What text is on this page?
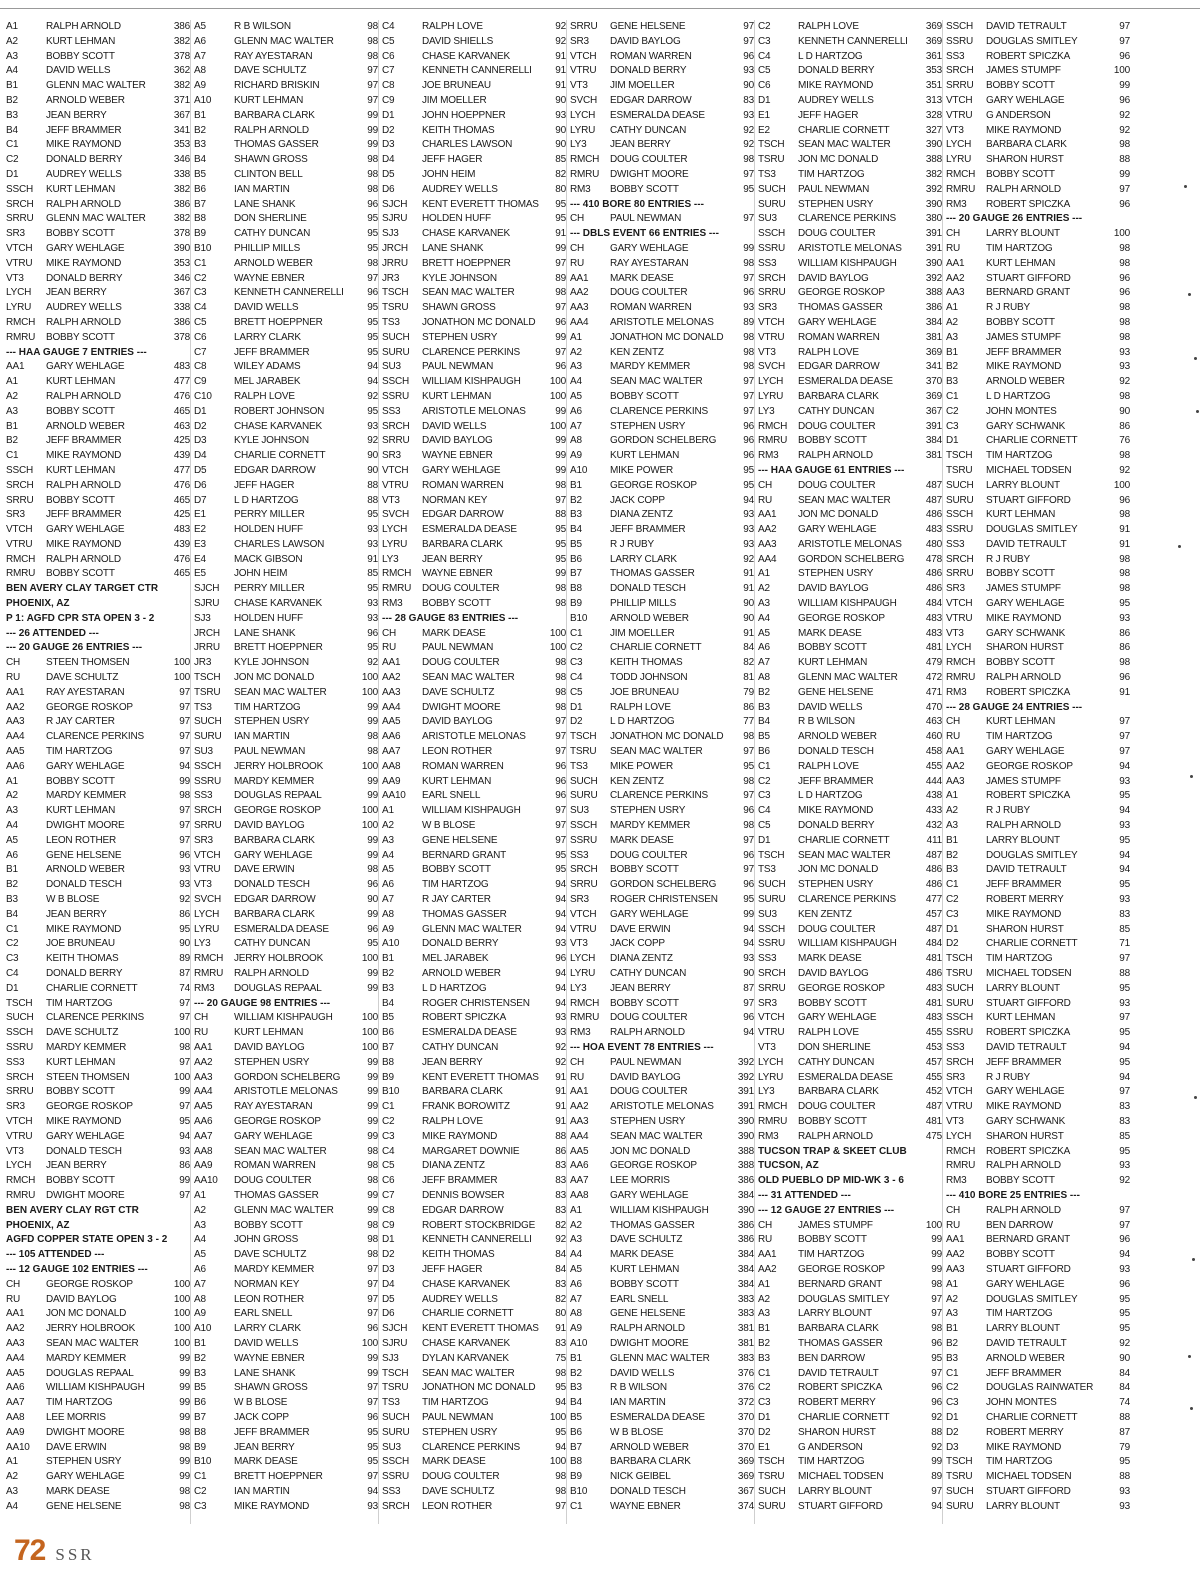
A1	RALPH ARNOLD	386
A2	KURT LEHMAN	382
A3	BOBBY SCOTT	378
A4	DAVID WELLS	362
B1	GLENN MAC WALTER	382
B2	ARNOLD WEBER	371
B3	JEAN BERRY	367
B4	JEFF BRAMMER	341
C1	MIKE RAYMOND	353
C2	DONALD BERRY	346
D1	AUDREY WELLS	338
SSCH	KURT LEHMAN	382
SRCH	RALPH ARNOLD	386
SRRU	GLENN MAC WALTER	382
SR3	BOBBY SCOTT	378
VTCH	GARY WEHLAGE	390
VTRU	MIKE RAYMOND	353
VT3	DONALD BERRY	346
LYCH	JEAN BERRY	367
LYRU	AUDREY WELLS	338
RMCH	RALPH ARNOLD	386
RMRU	BOBBY SCOTT	378
--- HAA GAUGE 7 ENTRIES ---
AA1	GARY WEHLAGE	483
A1	KURT LEHMAN	477
A2	RALPH ARNOLD	476
A3	BOBBY SCOTT	465
B1	ARNOLD WEBER	463
B2	JEFF BRAMMER	425
C1	MIKE RAYMOND	439
SSCH	KURT LEHMAN	477
SRCH	RALPH ARNOLD	476
SRRU	BOBBY SCOTT	465
SR3	JEFF BRAMMER	425
VTCH	GARY WEHLAGE	483
VTRU	MIKE RAYMOND	439
RMCH	RALPH ARNOLD	476
RMRU	BOBBY SCOTT	465
BEN AVERY CLAY TARGET CTR
PHOENIX, AZ
P 1: AGFD CPR STA OPEN 3 - 2
--- 26 ATTENDED ---
--- 20 GAUGE 26 ENTRIES ---
CH	STEEN THOMSEN	100
RU	DAVE SCHULTZ	100
AA1	RAY AYESTARAN	97
AA2	GEORGE ROSKOP	97
AA3	R JAY CARTER	97
AA4	CLARENCE PERKINS	97
AA5	TIM HARTZOG	97
AA6	GARY WEHLAGE	94
A1	BOBBY SCOTT	99
A2	MARDY KEMMER	98
A3	KURT LEHMAN	97
A4	DWIGHT MOORE	97
A5	LEON ROTHER	97
A6	GENE HELSENE	96
B1	ARNOLD WEBER	93
B2	DONALD TESCH	93
B3	W B BLOSE	92
B4	JEAN BERRY	86
C1	MIKE RAYMOND	95
C2	JOE BRUNEAU	90
C3	KEITH THOMAS	89
C4	DONALD BERRY	87
D1	CHARLIE CORNETT	74
TSCH	TIM HARTZOG	97
SUCH	CLARENCE PERKINS	97
SSCH	DAVE SCHULTZ	100
SSRU	MARDY KEMMER	98
SS3	KURT LEHMAN	97
SRCH	STEEN THOMSEN	100
SRRU	BOBBY SCOTT	99
SR3	GEORGE ROSKOP	97
VTCH	MIKE RAYMOND	95
VTRU	GARY WEHLAGE	94
VT3	DONALD TESCH	93
LYCH	JEAN BERRY	86
RMCH	BOBBY SCOTT	99
RMRU	DWIGHT MOORE	97
BEN AVERY CLAY RGT CTR
PHOENIX, AZ
AGFD COPPER STATE OPEN 3 - 2
--- 105 ATTENDED ---
--- 12 GAUGE 102 ENTRIES ---
CH	GEORGE ROSKOP	100
RU	DAVID BAYLOG	100
AA1	JON MC DONALD	100
AA2	JERRY HOLBROOK	100
AA3	SEAN MAC WALTER	100
AA4	MARDY KEMMER	99
AA5	DOUGLAS REPAAL	99
AA6	WILLIAM KISHPAUGH	99
AA7	TIM HARTZOG	99
AA8	LEE MORRIS	99
AA9	DWIGHT MOORE	98
AA10	DAVE ERWIN	98
A1	STEPHEN USRY	99
A2	GARY WEHLAGE	99
A3	MARK DEASE	98
A4	GENE HELSENE	98
A5	R B WILSON	98
A6	GLENN MAC WALTER	98
A7	RAY AYESTARAN	98
A8	DAVE SCHULTZ	97
A9	RICHARD BRISKIN	97
A10	KURT LEHMAN	97
B1	BARBARA CLARK	99
B2	RALPH ARNOLD	99
B3	THOMAS GASSER	99
B4	SHAWN GROSS	98
B5	CLINTON BELL	98
B6	IAN MARTIN	98
B7	LANE SHANK	96
B8	DON SHERLINE	95
B9	CATHY DUNCAN	95
B10	PHILLIP MILLS	95
C1	ARNOLD WEBER	98
C2	WAYNE EBNER	97
C3	KENNETH CANNERELLI	96
C4	DAVID WELLS	95
C5	BRETT HOEPPNER	95
C6	LARRY CLARK	95
C7	JEFF BRAMMER	95
C8	WILEY ADAMS	94
C9	MEL JARABEK	94
C10	RALPH LOVE	92
D1	ROBERT JOHNSON	95
D2	CHASE KARVANEK	93
D3	KYLE JOHNSON	92
D4	CHARLIE CORNETT	90
D5	EDGAR DARROW	90
D6	JEFF HAGER	88
D7	L D HARTZOG	88
E1	PERRY MILLER	95
E2	HOLDEN HUFF	93
E3	CHARLES LAWSON	93
E4	MACK GIBSON	91
E5	JOHN HEIM	85
SJCH	PERRY MILLER	95
SJRU	CHASE KARVANEK	93
SJ3	HOLDEN HUFF	93
JRCH	LANE SHANK	96
JRRU	BRETT HOEPPNER	95
JR3	KYLE JOHNSON	92
TSCH	JON MC DONALD	100
TSRU	SEAN MAC WALTER	100
TS3	TIM HARTZOG	99
SUCH	STEPHEN USRY	99
SURU	IAN MARTIN	98
SU3	PAUL NEWMAN	98
SSCH	JERRY HOLBROOK	100
SSRU	MARDY KEMMER	99
SS3	DOUGLAS REPAAL	99
SRCH	GEORGE ROSKOP	100
SRRU	DAVID BAYLOG	100
SR3	BARBARA CLARK	99
VTCH	GARY WEHLAGE	99
VTRU	DAVE ERWIN	98
VT3	DONALD TESCH	96
SVCH	EDGAR DARROW	90
LYCH	BARBARA CLARK	99
LYRU	ESMERALDA DEASE	96
LY3	CATHY DUNCAN	95
RMCH	JERRY HOLBROOK	100
RMRU	RALPH ARNOLD	99
RM3	DOUGLAS REPAAL	99
--- 20 GAUGE 98 ENTRIES ---
CH	WILLIAM KISHPAUGH	100
RU	KURT LEHMAN	100
AA1	DAVID BAYLOG	100
AA2	STEPHEN USRY	99
AA3	GORDON SCHELBERG	99
AA4	ARISTOTLE MELONAS	99
AA5	RAY AYESTARAN	99
AA6	GEORGE ROSKOP	99
AA7	GARY WEHLAGE	99
AA8	SEAN MAC WALTER	98
AA9	ROMAN WARREN	98
AA10	DOUG COULTER	98
A1	THOMAS GASSER	99
A2	GLENN MAC WALTER	99
A3	BOBBY SCOTT	98
A4	JOHN GROSS	98
A5	DAVE SCHULTZ	98
A6	MARDY KEMMER	97
A7	NORMAN KEY	97
A8	LEON ROTHER	97
A9	EARL SNELL	97
A10	LARRY CLARK	96
B1	DAVID WELLS	100
B2	WAYNE EBNER	99
B3	LANE SHANK	99
B5	SHAWN GROSS	97
B6	W B BLOSE	97
B7	JACK COPP	96
B8	JEFF BRAMMER	95
B9	JEAN BERRY	95
B10	MARK DEASE	95
C1	BRETT HOEPPNER	97
C2	IAN MARTIN	94
C3	MIKE RAYMOND	93
C4	RALPH LOVE	92
C5	DAVID SHIELLS	92
C6	CHASE KARVANEK	91
C7	KENNETH CANNERELLI	91
C8	JOE BRUNEAU	91
C9	JIM MOELLER	90
D1	JOHN HOEPPNER	93
D2	KEITH THOMAS	90
D3	CHARLES LAWSON	90
D4	JEFF HAGER	85
D5	JOHN HEIM	82
D6	AUDREY WELLS	80
SJCH	KENT EVERETT THOMAS	95
SJRU	HOLDEN HUFF	95
SJ3	CHASE KARVANEK	91
JRCH	LANE SHANK	99
JRRU	BRETT HOEPPNER	97
JR3	KYLE JOHNSON	89
TSCH	SEAN MAC WALTER	98
TSRU	SHAWN GROSS	97
TS3	JONATHON MC DONALD	96
SUCH	STEPHEN USRY	99
SURU	CLARENCE PERKINS	97
SU3	PAUL NEWMAN	96
SSCH	WILLIAM KISHPAUGH	100
SSRU	KURT LEHMAN	100
SS3	ARISTOTLE MELONAS	99
SRCH	DAVID WELLS	100
SRRU	DAVID BAYLOG	99
SR3	WAYNE EBNER	99
VTCH	GARY WEHLAGE	99
VTRU	ROMAN WARREN	98
VT3	NORMAN KEY	97
SVCH	EDGAR DARROW	88
LYCH	ESMERALDA DEASE	95
LYRU	BARBARA CLARK	95
LY3	JEAN BERRY	95
RMCH	WAYNE EBNER	99
RMRU	DOUG COULTER	98
RM3	BOBBY SCOTT	98
--- 28 GAUGE 83 ENTRIES ---
CH	MARK DEASE	100
RU	PAUL NEWMAN	100
AA1	DOUG COULTER	98
AA2	SEAN MAC WALTER	98
AA3	DAVE SCHULTZ	98
AA4	DWIGHT MOORE	98
AA5	DAVID BAYLOG	97
AA6	ARISTOTLE MELONAS	97
AA7	LEON ROTHER	97
AA8	ROMAN WARREN	96
AA9	KURT LEHMAN	96
AA10	EARL SNELL	96
A1	WILLIAM KISHPAUGH	97
A2	W B BLOSE	97
A3	GENE HELSENE	97
A4	BERNARD GRANT	95
A5	BOBBY SCOTT	95
A6	TIM HARTZOG	94
A7	R JAY CARTER	94
A8	THOMAS GASSER	94
A9	GLENN MAC WALTER	94
A10	DONALD BERRY	93
B1	MEL JARABEK	96
B2	ARNOLD WEBER	94
B3	L D HARTZOG	94
B4	ROGER CHRISTENSEN	94
B5	ROBERT SPICZKA	93
B6	ESMERALDA DEASE	93
B7	CATHY DUNCAN	92
B8	JEAN BERRY	92
B9	KENT EVERETT THOMAS	91
B10	BARBARA CLARK	91
C1	FRANK BOROWITZ	91
C2	RALPH LOVE	91
C3	MIKE RAYMOND	88
C4	MARGARET DOWNIE	86
C5	DIANA ZENTZ	83
C6	JEFF BRAMMER	83
C7	DENNIS BOWSER	83
C8	EDGAR DARROW	83
C9	ROBERT STOCKBRIDGE	82
D1	KENNETH CANNERELLI	92
D2	KEITH THOMAS	84
D3	JEFF HAGER	84
D4	CHASE KARVANEK	83
D5	AUDREY WELLS	82
D6	CHARLIE CORNETT	80
SJCH	KENT EVERETT THOMAS	91
SJRU	CHASE KARVANEK	83
SJ3	DYLAN KARVANEK	75
TSCH	SEAN MAC WALTER	98
TSRU	JONATHON MC DONALD	95
TS3	TIM HARTZOG	94
SUCH	PAUL NEWMAN	100
SURU	STEPHEN USRY	95
SU3	CLARENCE PERKINS	94
SSCH	MARK DEASE	100
SSRU	DOUG COULTER	98
SS3	DAVE SCHULTZ	98
SRCH	LEON ROTHER	97
SRRU	GENE HELSENE	97
SR3	DAVID BAYLOG	97
VTCH	ROMAN WARREN	96
VTRU	DONALD BERRY	93
VT3	JIM MOELLER	90
SVCH	EDGAR DARROW	83
LYCH	ESMERALDA DEASE	93
LYRU	CATHY DUNCAN	92
LY3	JEAN BERRY	92
RMCH	DOUG COULTER	98
RMRU	DWIGHT MOORE	97
RM3	BOBBY SCOTT	95
--- 410 BORE 80 ENTRIES ---
CH	PAUL NEWMAN	97
--- DBLS EVENT 66 ENTRIES ---
CH	GARY WEHLAGE	99
RU	RAY AYESTARAN	98
AA1	MARK DEASE	97
AA2	DOUG COULTER	96
AA3	ROMAN WARREN	93
AA4	ARISTOTLE MELONAS	89
A1	JONATHON MC DONALD	98
A2	KEN ZENTZ	98
A3	MARDY KEMMER	98
A4	SEAN MAC WALTER	97
A5	BOBBY SCOTT	97
A6	CLARENCE PERKINS	97
A7	STEPHEN USRY	96
A8	GORDON SCHELBERG	96
A9	KURT LEHMAN	96
A10	MIKE POWER	95
B1	GEORGE ROSKOP	95
B2	JACK COPP	94
B3	DIANA ZENTZ	93
B4	JEFF BRAMMER	93
B5	R J RUBY	93
B6	LARRY CLARK	92
B7	THOMAS GASSER	91
B8	DONALD TESCH	91
B9	PHILLIP MILLS	90
B10	ARNOLD WEBER	90
C1	JIM MOELLER	91
C2	CHARLIE CORNETT	84
C3	KEITH THOMAS	82
C4	TODD JOHNSON	81
C5	JOE BRUNEAU	79
D1	RALPH LOVE	86
D2	L D HARTZOG	77
TSCH	JONATHON MC DONALD	98
TSRU	SEAN MAC WALTER	97
TS3	MIKE POWER	95
SUCH	KEN ZENTZ	98
SURU	CLARENCE PERKINS	97
SU3	STEPHEN USRY	96
SSCH	MARDY KEMMER	98
SSRU	MARK DEASE	97
SS3	DOUG COULTER	96
SRCH	BOBBY SCOTT	97
SRRU	GORDON SCHELBERG	96
SR3	ROGER CHRISTENSEN	95
VTCH	GARY WEHLAGE	99
VTRU	DAVE ERWIN	94
VT3	JACK COPP	94
LYCH	DIANA ZENTZ	93
LYRU	CATHY DUNCAN	90
LY3	JEAN BERRY	87
RMCH	BOBBY SCOTT	97
RMRU	DOUG COULTER	96
RM3	RALPH ARNOLD	94
--- HOA EVENT 78 ENTRIES ---
CH	PAUL NEWMAN	392
RU	DAVID BAYLOG	392
AA1	DOUG COULTER	391
AA2	ARISTOTLE MELONAS	391
AA3	STEPHEN USRY	390
AA4	SEAN MAC WALTER	390
AA5	JON MC DONALD	388
AA6	GEORGE ROSKOP	388
AA7	LEE MORRIS	386
AA8	GARY WEHLAGE	384
A1	WILLIAM KISHPAUGH	390
A2	THOMAS GASSER	386
A3	DAVE SCHULTZ	386
A4	MARK DEASE	384
A5	KURT LEHMAN	384
A6	BOBBY SCOTT	384
A7	EARL SNELL	383
A8	GENE HELSENE	383
A9	RALPH ARNOLD	381
A10	DWIGHT MOORE	381
B1	GLENN MAC WALTER	383
B2	DAVID WELLS	376
B3	R B WILSON	376
B4	IAN MARTIN	372
B5	ESMERALDA DEASE	370
B6	W B BLOSE	370
B7	ARNOLD WEBER	370
B8	BARBARA CLARK	369
B9	NICK GEIBEL	369
B10	DONALD TESCH	367
C1	WAYNE EBNER	374
C2	RALPH LOVE	369
C3	KENNETH CANNERELLI	369
C4	L D HARTZOG	361
C5	DONALD BERRY	353
C6	MIKE RAYMOND	351
D1	AUDREY WELLS	313
E1	JEFF HAGER	328
E2	CHARLIE CORNETT	327
TSCH	SEAN MAC WALTER	390
TSRU	JON MC DONALD	388
TS3	TIM HARTZOG	382
SUCH	PAUL NEWMAN	392
SURU	STEPHEN USRY	390
SU3	CLARENCE PERKINS	380
SSCH	DOUG COULTER	391
SSRU	ARISTOTLE MELONAS	391
SS3	WILLIAM KISHPAUGH	390
SRCH	DAVID BAYLOG	392
SRRU	GEORGE ROSKOP	388
SR3	THOMAS GASSER	386
VTCH	GARY WEHLAGE	384
VTRU	ROMAN WARREN	381
VT3	RALPH LOVE	369
SVCH	EDGAR DARROW	341
LYCH	ESMERALDA DEASE	370
LYRU	BARBARA CLARK	369
LY3	CATHY DUNCAN	367
RMCH	DOUG COULTER	391
RMRU	BOBBY SCOTT	384
RM3	RALPH ARNOLD	381
--- HAA GAUGE 61 ENTRIES ---
CH	DOUG COULTER	487
RU	SEAN MAC WALTER	487
AA1	JON MC DONALD	486
AA2	GARY WEHLAGE	483
AA3	ARISTOTLE MELONAS	480
AA4	GORDON SCHELBERG	478
A1	STEPHEN USRY	486
A2	DAVID BAYLOG	486
A3	WILLIAM KISHPAUGH	484
A4	GEORGE ROSKOP	483
A5	MARK DEASE	483
A6	BOBBY SCOTT	481
A7	KURT LEHMAN	479
A8	GLENN MAC WALTER	472
B2	GENE HELSENE	471
B3	DAVID WELLS	470
B4	R B WILSON	463
B5	ARNOLD WEBER	460
B6	DONALD TESCH	458
C1	RALPH LOVE	455
C2	JEFF BRAMMER	444
C3	L D HARTZOG	438
C4	MIKE RAYMOND	433
C5	DONALD BERRY	432
D1	CHARLIE CORNETT	411
TSCH	SEAN MAC WALTER	487
TS3	JON MC DONALD	486
SUCH	STEPHEN USRY	486
SURU	CLARENCE PERKINS	477
SU3	KEN ZENTZ	457
SSCH	DOUG COULTER	487
SSRU	WILLIAM KISHPAUGH	484
SS3	MARK DEASE	481
SRCH	DAVID BAYLOG	486
SRRU	GEORGE ROSKOP	483
SR3	BOBBY SCOTT	481
VTCH	GARY WEHLAGE	483
VTRU	RALPH LOVE	455
VT3	DON SHERLINE	453
LYCH	CATHY DUNCAN	457
LYRU	ESMERALDA DEASE	455
LY3	BARBARA CLARK	452
RMCH	DOUG COULTER	487
RMRU	BOBBY SCOTT	481
RM3	RALPH ARNOLD	475
TUCSON TRAP & SKEET CLUB
TUCSON, AZ
OLD PUEBLO DP MID-WK 3 - 6
--- 31 ATTENDED ---
--- 12 GAUGE 27 ENTRIES ---
CH	JAMES STUMPF	100
RU	BOBBY SCOTT	99
AA1	TIM HARTZOG	99
AA2	GEORGE ROSKOP	99
A1	BERNARD GRANT	98
A2	DOUGLAS SMITLEY	97
A3	LARRY BLOUNT	97
B1	BARBARA CLARK	98
B2	THOMAS GASSER	96
B3	BEN DARROW	95
C1	DAVID TETRAULT	97
C2	ROBERT SPICZKA	96
C3	ROBERT MERRY	96
D1	CHARLIE CORNETT	92
D2	SHARON HURST	88
E1	G ANDERSON	92
TSCH	TIM HARTZOG	99
TSRU	MICHAEL TODSEN	89
SUCH	LARRY BLOUNT	97
SURU	STUART GIFFORD	94
SSCH	DAVID TETRAULT	97
SSRU	DOUGLAS SMITLEY	97
SS3	ROBERT SPICZKA	96
SRCH	JAMES STUMPF	100
SRRU	BOBBY SCOTT	99
VTCH	GARY WEHLAGE	96
VTRU	G ANDERSON	92
VT3	MIKE RAYMOND	92
LYCH	BARBARA CLARK	98
LYRU	SHARON HURST	88
RMCH	BOBBY SCOTT	99
RMRU	RALPH ARNOLD	97
RM3	ROBERT SPICZKA	96
--- 20 GAUGE 26 ENTRIES ---
CH	LARRY BLOUNT	100
RU	TIM HARTZOG	98
AA1	KURT LEHMAN	98
AA2	STUART GIFFORD	96
AA3	BERNARD GRANT	96
A1	R J RUBY	98
A2	BOBBY SCOTT	98
A3	JAMES STUMPF	98
B1	JEFF BRAMMER	93
B2	MIKE RAYMOND	93
B3	ARNOLD WEBER	92
C1	L D HARTZOG	98
C2	JOHN MONTES	90
C3	GARY SCHWANK	86
D1	CHARLIE CORNETT	76
TSCH	TIM HARTZOG	98
TSRU	MICHAEL TODSEN	92
SUCH	LARRY BLOUNT	100
SURU	STUART GIFFORD	96
SSCH	KURT LEHMAN	98
SSRU	DOUGLAS SMITLEY	91
SS3	DAVID TETRAULT	91
SRCH	R J RUBY	98
SRRU	BOBBY SCOTT	98
SR3	JAMES STUMPF	98
VTCH	GARY WEHLAGE	95
VTRU	MIKE RAYMOND	93
VT3	GARY SCHWANK	86
LYCH	SHARON HURST	86
RMCH	BOBBY SCOTT	98
RMRU	RALPH ARNOLD	96
RM3	ROBERT SPICZKA	91
--- 28 GAUGE 24 ENTRIES ---
CH	KURT LEHMAN	97
RU	TIM HARTZOG	97
AA1	GARY WEHLAGE	97
AA2	GEORGE ROSKOP	94
AA3	JAMES STUMPF	93
A1	ROBERT SPICZKA	95
A2	R J RUBY	94
A3	RALPH ARNOLD	93
B1	LARRY BLOUNT	95
B2	DOUGLAS SMITLEY	94
B3	DAVID TETRAULT	94
C1	JEFF BRAMMER	95
C2	ROBERT MERRY	93
C3	MIKE RAYMOND	83
D1	SHARON HURST	85
D2	CHARLIE CORNETT	71
TSCH	TIM HARTZOG	97
TSRU	MICHAEL TODSEN	88
SUCH	LARRY BLOUNT	95
SURU	STUART GIFFORD	93
SSCH	KURT LEHMAN	97
SSRU	ROBERT SPICZKA	95
SS3	DAVID TETRAULT	94
SRCH	JEFF BRAMMER	95
SR3	R J RUBY	94
VTCH	GARY WEHLAGE	97
VTRU	MIKE RAYMOND	83
VT3	GARY SCHWANK	83
LYCH	SHARON HURST	85
RMCH	ROBERT SPICZKA	95
RMRU	RALPH ARNOLD	93
RM3	BOBBY SCOTT	92
--- 410 BORE 25 ENTRIES ---
CH	RALPH ARNOLD	97
RU	BEN DARROW	97
AA1	BERNARD GRANT	96
AA2	BOBBY SCOTT	94
AA3	STUART GIFFORD	93
A1	GARY WEHLAGE	96
A2	DOUGLAS SMITLEY	95
A3	TIM HARTZOG	95
B1	LARRY BLOUNT	95
B2	DAVID TETRAULT	92
B3	ARNOLD WEBER	90
C1	JEFF BRAMMER	84
C2	DOUGLAS RAINWATER	84
C3	JOHN MONTES	74
D1	CHARLIE CORNETT	88
D2	ROBERT MERRY	87
D3	MIKE RAYMOND	79
TSCH	TIM HARTZOG	95
TSRU	MICHAEL TODSEN	88
SUCH	STUART GIFFORD	93
SURU	LARRY BLOUNT	93
72 SSR
